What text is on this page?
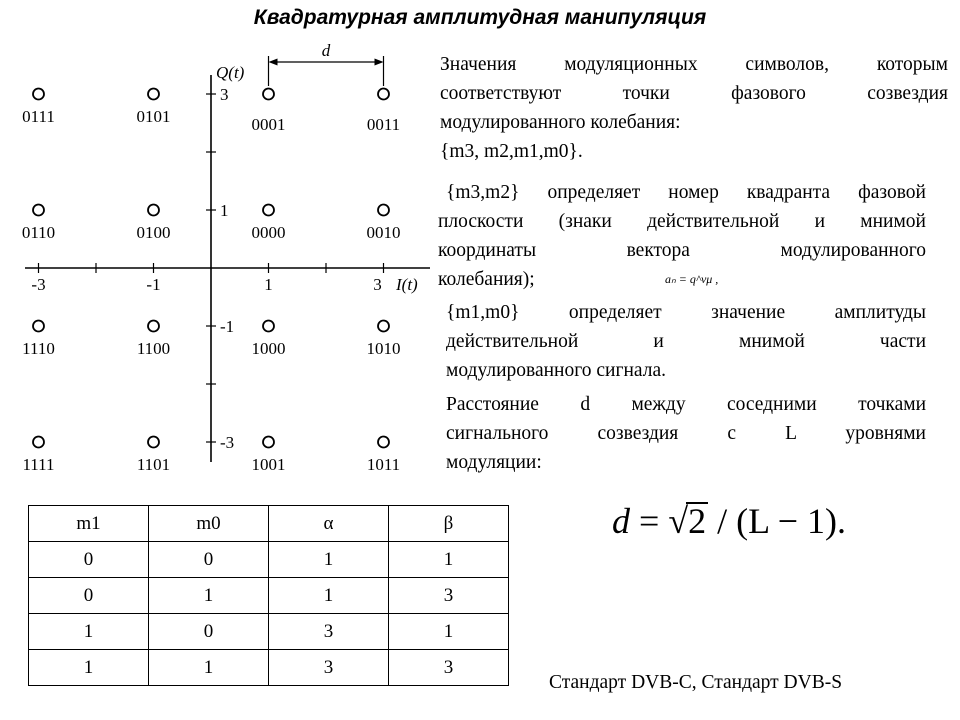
Квадратурная амплитудная манипуляция
-3	-1	1	3
3
1
-1
-3
Q(t)
I(t)
d
0111	0101	0001	0011
0110	0100	0000	0010
1110	1100	1000	1010
1111	1101	1001	1011
Значения модуляционных символов, которым
соответствуют точки фазового созвездия
модулированного колебания:
{m3, m2,m1,m0}.
{m3,m2} определяет номер квадранта фазовой
плоскости (знаки действительной и мнимой
координаты вектора модулированного
колебания);	aₙ = q^νμ ,
{m1,m0} определяет значение амплитуды
действительной и мнимой части
модулированного сигнала.
Расстояние d между соседними точками
сигнального созвездия с L уровнями
модуляции:
m1	m0	α	β
0	0	1	1
0	1	1	3
1	0	3	1
1	1	3	3
d = √2 / (L − 1).
Стандарт DVB-C, Стандарт DVB-S
